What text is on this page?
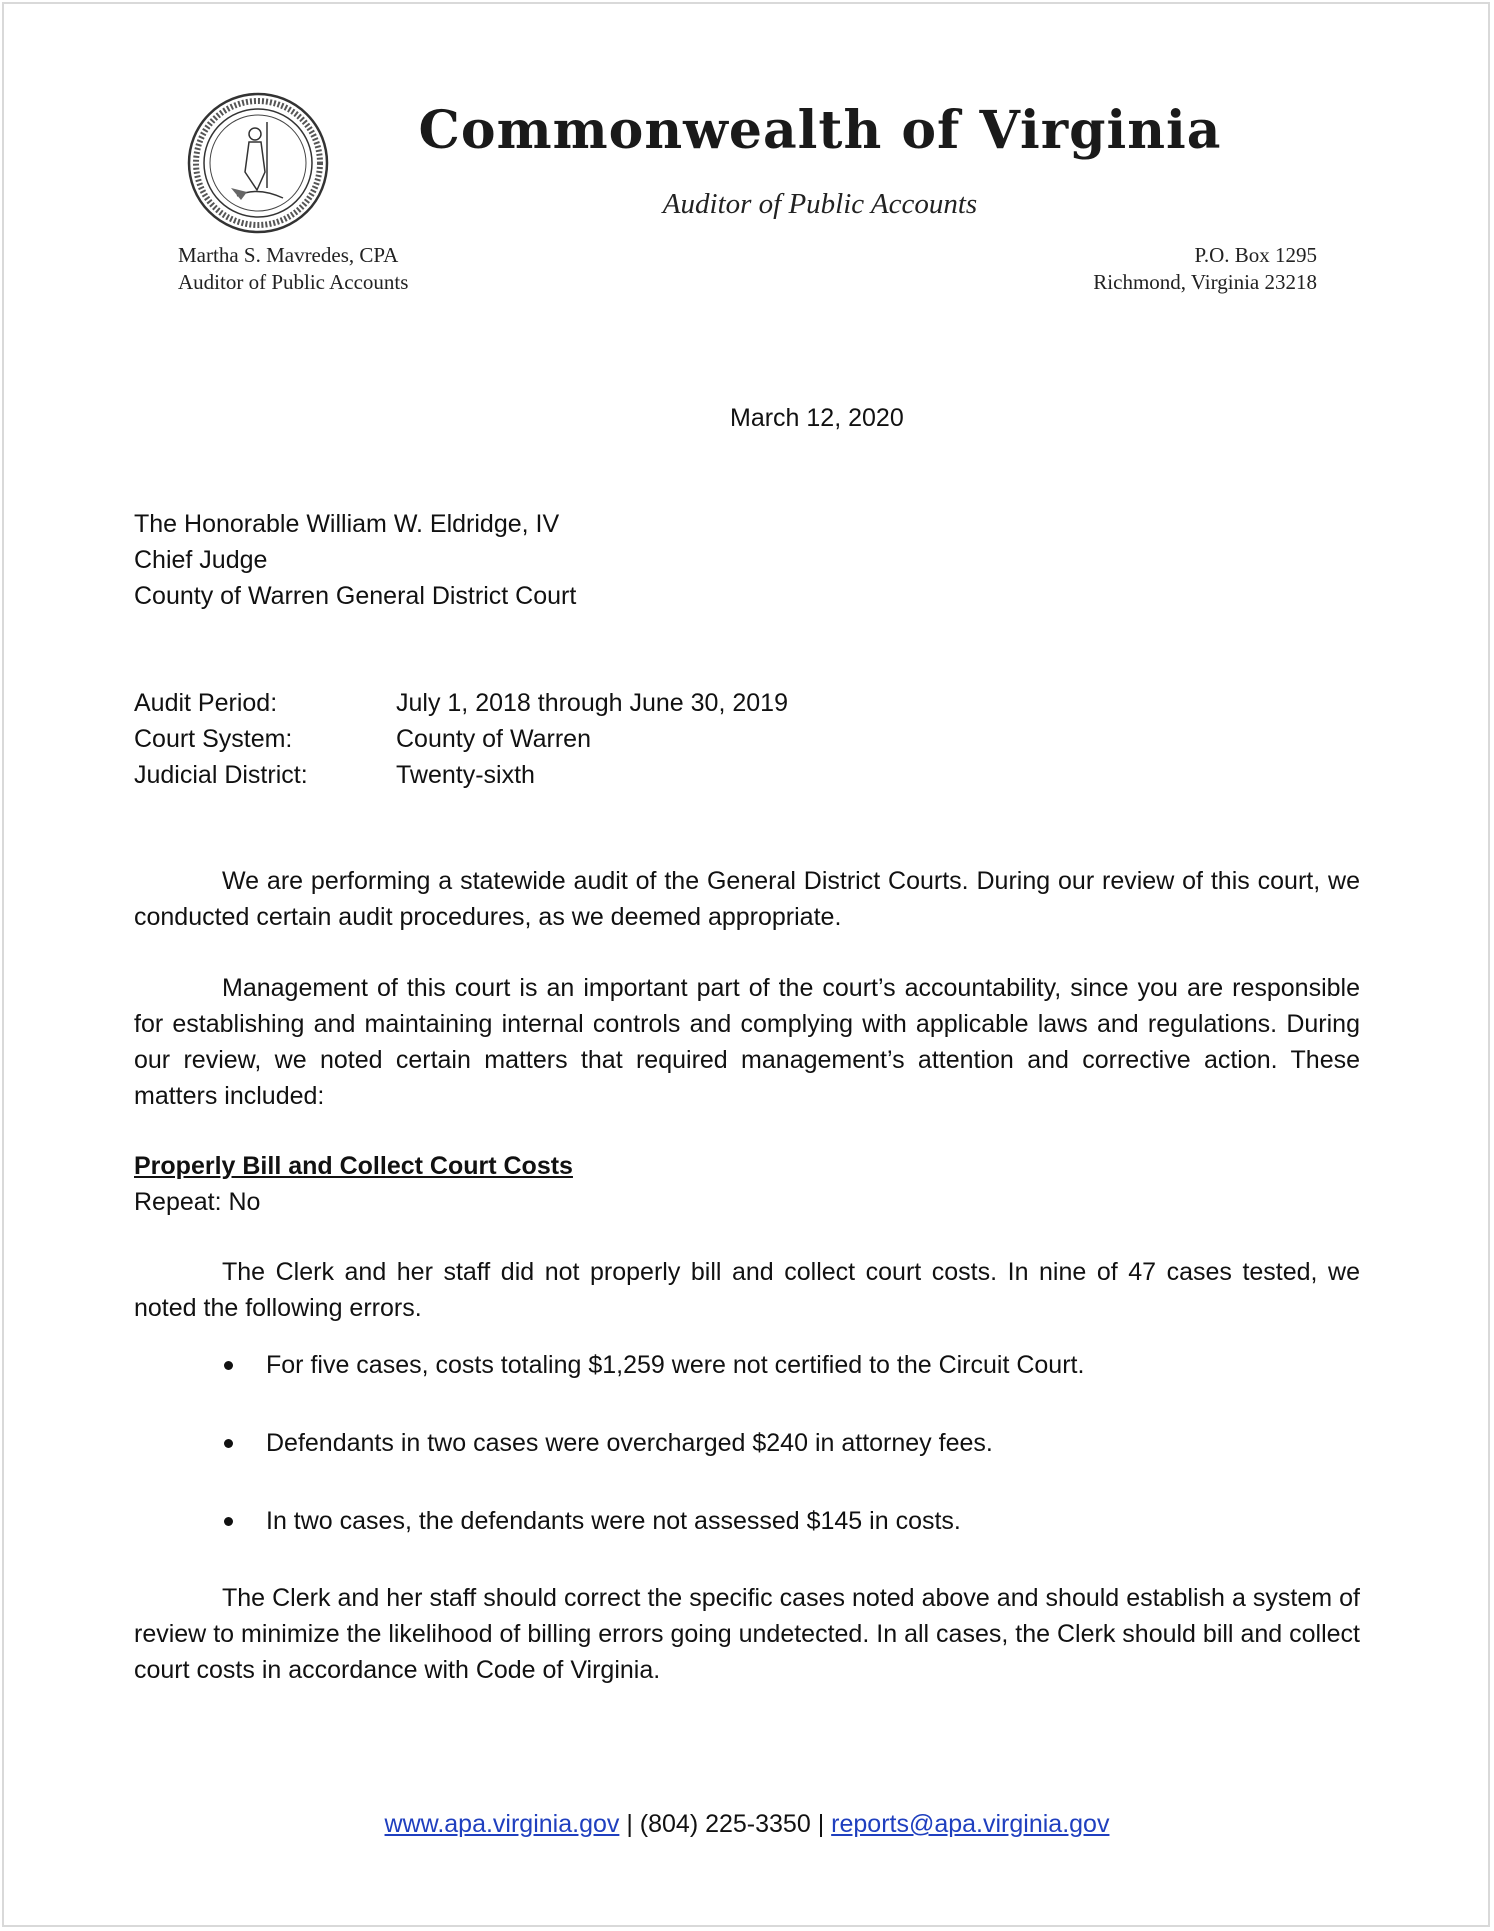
Commonwealth of Virginia
Auditor of Public Accounts
Martha S. Mavredes, CPA
Auditor of Public Accounts
P.O. Box 1295
Richmond, Virginia 23218
March 12, 2020
The Honorable William W. Eldridge, IV
Chief Judge
County of Warren General District Court
Audit Period:	July 1, 2018 through June 30, 2019
Court System:	County of Warren
Judicial District:	Twenty-sixth
We are performing a statewide audit of the General District Courts. During our review of this court, we conducted certain audit procedures, as we deemed appropriate.
Management of this court is an important part of the court’s accountability, since you are responsible for establishing and maintaining internal controls and complying with applicable laws and regulations. During our review, we noted certain matters that required management’s attention and corrective action. These matters included:
Properly Bill and Collect Court Costs
Repeat: No
The Clerk and her staff did not properly bill and collect court costs. In nine of 47 cases tested, we noted the following errors.
For five cases, costs totaling $1,259 were not certified to the Circuit Court.
Defendants in two cases were overcharged $240 in attorney fees.
In two cases, the defendants were not assessed $145 in costs.
The Clerk and her staff should correct the specific cases noted above and should establish a system of review to minimize the likelihood of billing errors going undetected. In all cases, the Clerk should bill and collect court costs in accordance with Code of Virginia.
www.apa.virginia.gov | (804) 225-3350 | reports@apa.virginia.gov
